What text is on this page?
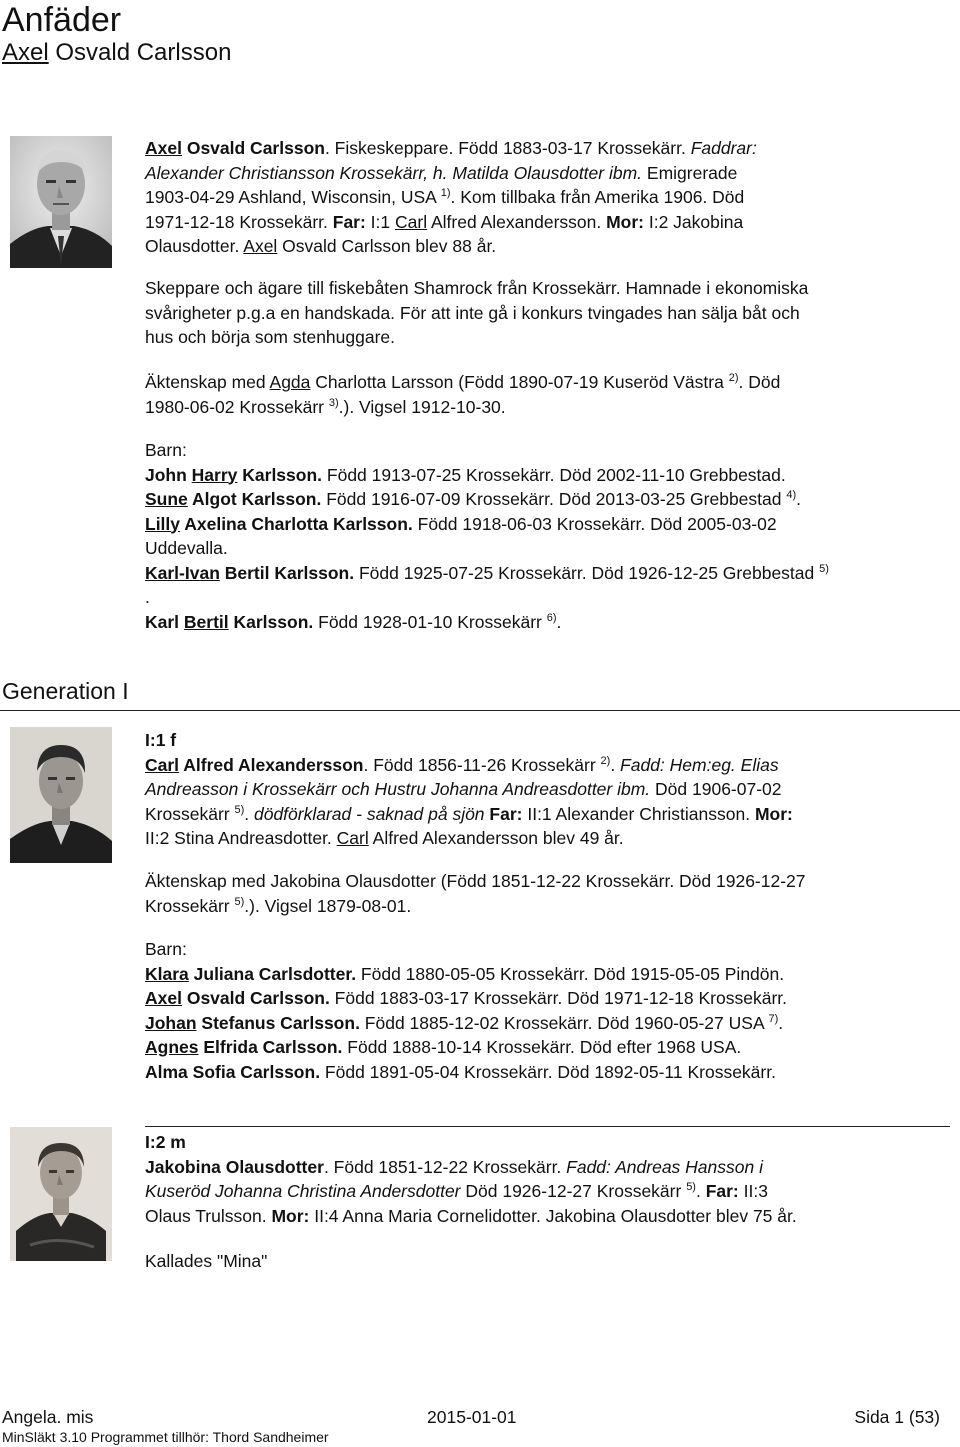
Anfäder
Axel Osvald Carlsson
Axel Osvald Carlsson. Fiskeskeppare. Född 1883-03-17 Krossekärr. Faddrar:
Alexander Christiansson Krossekärr, h. Matilda Olausdotter ibm. Emigrerade
1903-04-29 Ashland, Wisconsin, USA $^{1)}$. Kom tillbaka från Amerika 1906. Död
1971-12-18 Krossekärr. Far: I:1 Carl Alfred Alexandersson. Mor: I:2 Jakobina
Olausdotter. Axel Osvald Carlsson blev 88 år.
Skeppare och ägare till fiskebåten Shamrock från Krossekärr. Hamnade i ekonomiska
svårigheter p.g.a en handskada. För att inte gå i konkurs tvingades han sälja båt och
hus och börja som stenhuggare.
Äktenskap med Agda Charlotta Larsson (Född 1890-07-19 Kuseröd Västra $^{2)}$. Död
1980-06-02 Krossekärr $^{3)}$.). Vigsel 1912-10-30.
Barn:
John Harry Karlsson. Född 1913-07-25 Krossekärr. Död 2002-11-10 Grebbestad.
Sune Algot Karlsson. Född 1916-07-09 Krossekärr. Död 2013-03-25 Grebbestad $^{4)}$.
Lilly Axelina Charlotta Karlsson. Född 1918-06-03 Krossekärr. Död 2005-03-02
Uddevalla.
Karl-Ivan Bertil Karlsson. Född 1925-07-25 Krossekärr. Död 1926-12-25 Grebbestad $^{5)}$
.
Karl Bertil Karlsson. Född 1928-01-10 Krossekärr $^{6)}$.
Generation I
I:1 f
Carl Alfred Alexandersson. Född 1856-11-26 Krossekärr $^{2)}$. Fadd: Hem:eg. Elias
Andreasson i Krossekärr och Hustru Johanna Andreasdotter ibm. Död 1906-07-02
Krossekärr $^{5)}$. dödförklarad - saknad på sjön Far: II:1 Alexander Christiansson. Mor:
II:2 Stina Andreasdotter. Carl Alfred Alexandersson blev 49 år.
Äktenskap med Jakobina Olausdotter (Född 1851-12-22 Krossekärr. Död 1926-12-27
Krossekärr $^{5)}$.). Vigsel 1879-08-01.
Barn:
Klara Juliana Carlsdotter. Född 1880-05-05 Krossekärr. Död 1915-05-05 Pindön.
Axel Osvald Carlsson. Född 1883-03-17 Krossekärr. Död 1971-12-18 Krossekärr.
Johan Stefanus Carlsson. Född 1885-12-02 Krossekärr. Död 1960-05-27 USA $^{7)}$.
Agnes Elfrida Carlsson. Född 1888-10-14 Krossekärr. Död efter 1968 USA.
Alma Sofia Carlsson. Född 1891-05-04 Krossekärr. Död 1892-05-11 Krossekärr.
I:2 m
Jakobina Olausdotter. Född 1851-12-22 Krossekärr. Fadd: Andreas Hansson i
Kuseröd Johanna Christina Andersdotter Död 1926-12-27 Krossekärr $^{5)}$. Far: II:3
Olaus Trulsson. Mor: II:4 Anna Maria Cornelidotter. Jakobina Olausdotter blev 75 år.
Kallades "Mina"
Angela. mis	2015-01-01	Sida 1 (53)
MinSläkt 3.10 Programmet tillhör: Thord Sandheimer
